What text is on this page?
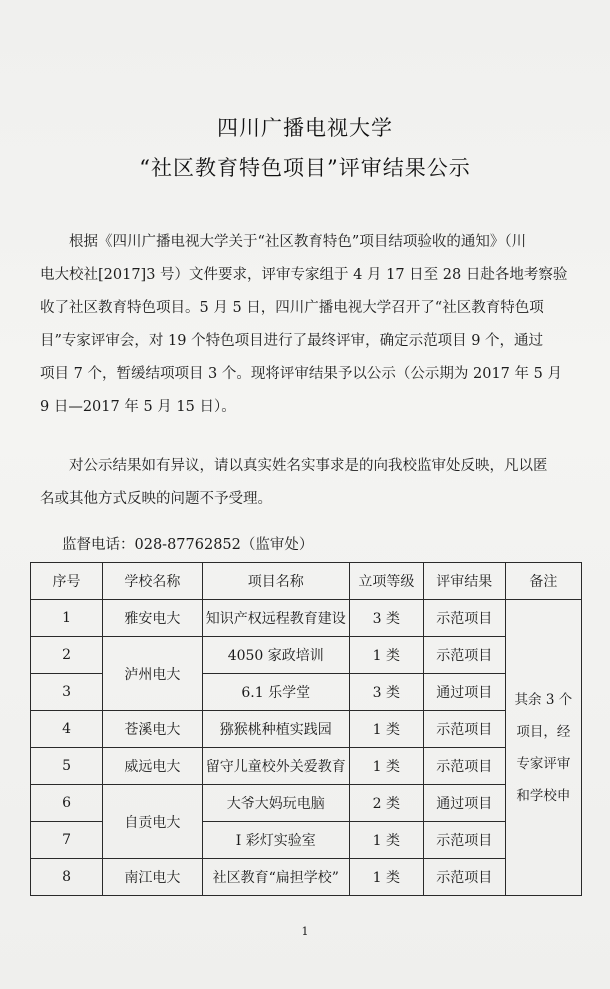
四川广播电视大学
“社区教育特色项目”评审结果公示

根据《四川广播电视大学关于“社区教育特色”项目结项验收的通知》（川
电大校社[2017]3 号）文件要求，评审专家组于 4 月 17 日至 28 日赴各地考察验
收了社区教育特色项目。5 月 5 日，四川广播电视大学召开了“社区教育特色项
目”专家评审会，对 19 个特色项目进行了最终评审，确定示范项目 9 个，通过
项目 7 个，暂缓结项项目 3 个。现将评审结果予以公示（公示期为 2017 年 5 月
9 日—2017 年 5 月 15 日）。

对公示结果如有异议，请以真实姓名实事求是的向我校监审处反映，凡以匿
名或其他方式反映的问题不予受理。

监督电话：028-87762852（监审处）
序号	学校名称	项目名称	立项等级	评审结果	备注
1	雅安电大	知识产权远程教育建设	3 类	示范项目	其余 3 个
项目，经
专家评审
和学校申

2	泸州电大	4050 家政培训	1 类	示范项目	
3		6.1 乐学堂	3 类	通过项目	
4	苍溪电大	猕猴桃种植实践园	1 类	示范项目	
5	威远电大	留守儿童校外关爱教育	1 类	示范项目	
6	自贡电大	大爷大妈玩电脑	2 类	通过项目	
7		I 彩灯实验室	1 类	示范项目	
8	南江电大	社区教育“扁担学校”	1 类	示范项目	
1
